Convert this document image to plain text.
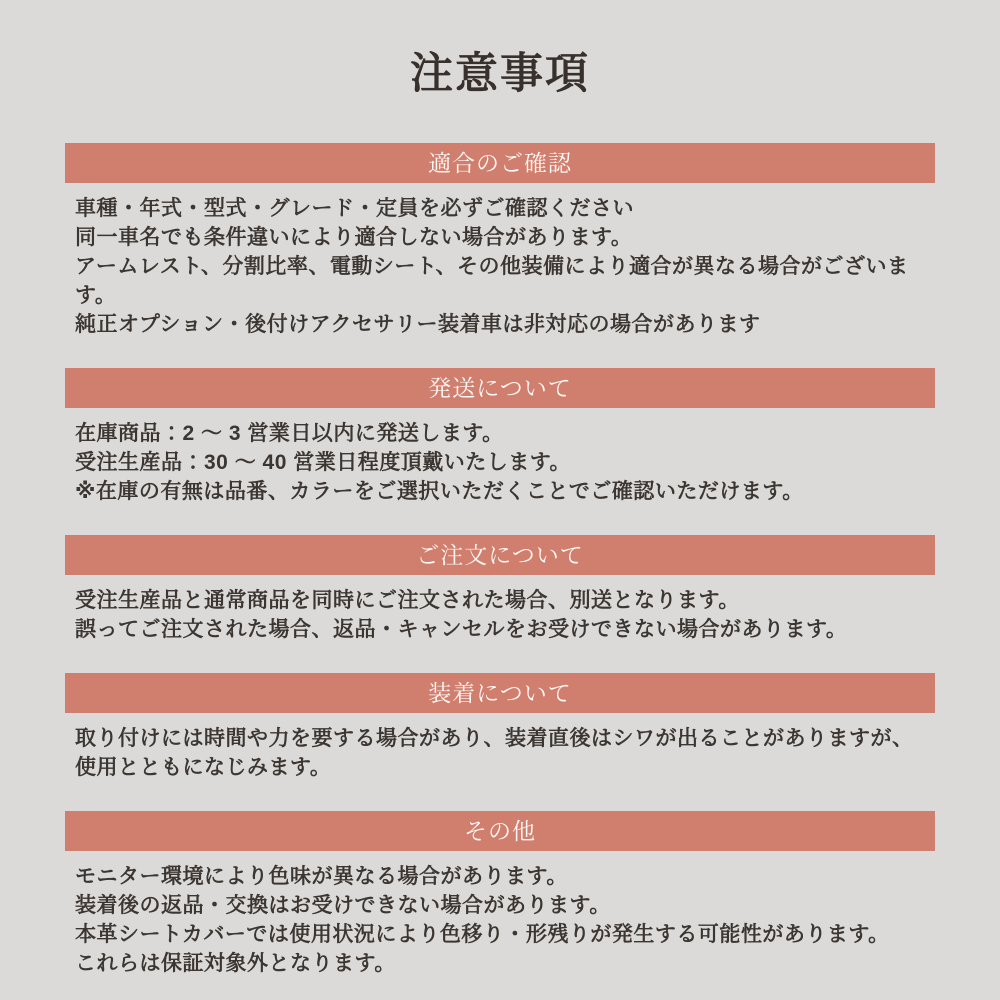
注意事項
適合のご確認

車種・年式・型式・グレード・定員を必ずご確認ください

同一車名でも条件違いにより適合しない場合があります。

アームレスト、分割比率、電動シート、その他装備により適合が異なる場合がございます。

純正オプション・後付けアクセサリー装着車は非対応の場合があります

発送について

在庫商品：2 ～ 3 営業日以内に発送します。

受注生産品：30 ～ 40 営業日程度頂戴いたします。

※在庫の有無は品番、カラーをご選択いただくことでご確認いただけます。

ご注文について

受注生産品と通常商品を同時にご注文された場合、別送となります。

誤ってご注文された場合、返品・キャンセルをお受けできない場合があります。

装着について

取り付けには時間や力を要する場合があり、装着直後はシワが出ることがありますが、

使用とともになじみます。

その他

モニター環境により色味が異なる場合があります。

装着後の返品・交換はお受けできない場合があります。

本革シートカバーでは使用状況により色移り・形残りが発生する可能性があります。

これらは保証対象外となります。
